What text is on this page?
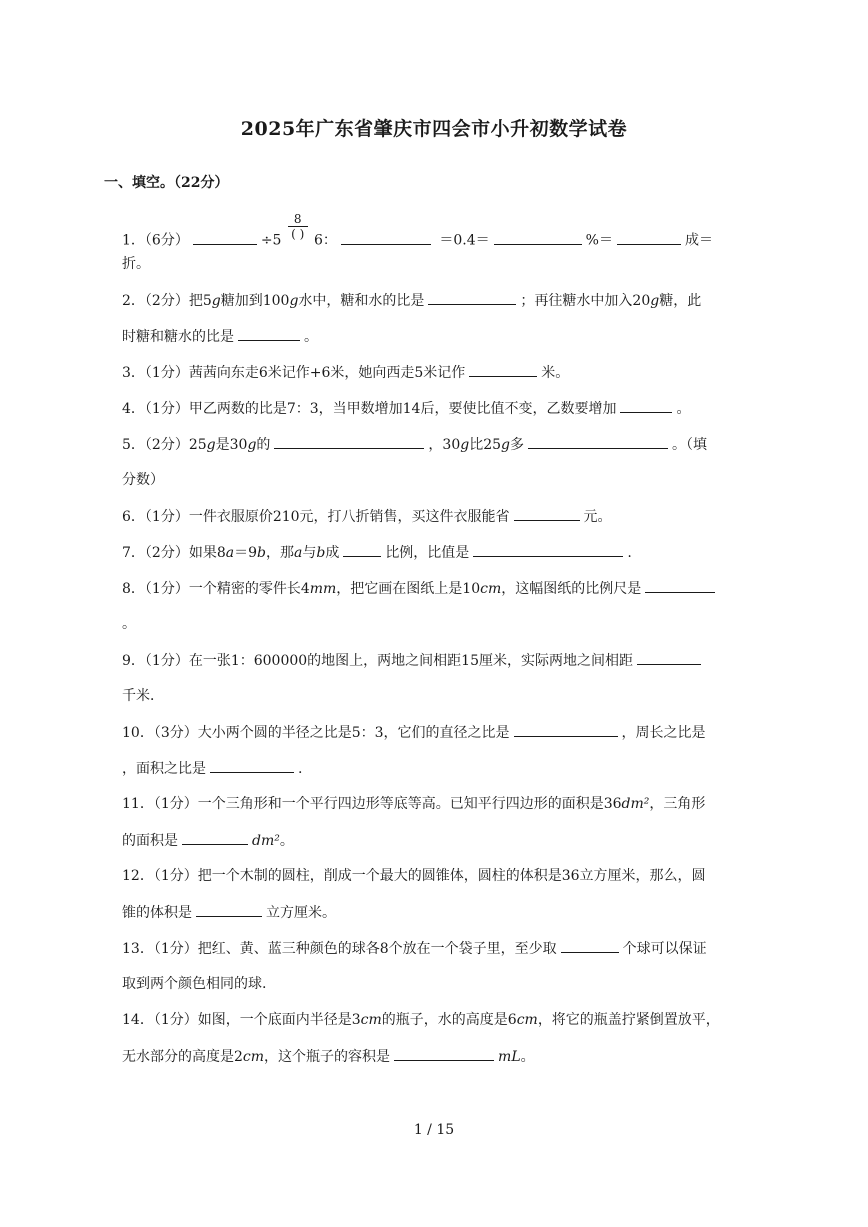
2025年广东省肇庆市四会市小升初数学试卷
一、填空。（22分）
1．（6分）	$\div 5 \frac{8}{( )} 6$：	＝0.4＝	%＝	成＝
折。
2．（2分）把5g糖加到100g水中，糖和水的比是	；再往糖水中加入20g糖，此
时糖和糖水的比是	。
3．（1分）茜茜向东走6米记作+6米，她向西走5米记作	米。
4．（1分）甲乙两数的比是7：3，当甲数增加14后，要使比值不变，乙数要增加	。
5．（2分）25g是30g的	，30g比25g多	。（填
分数）
6．（1分）一件衣服原价210元，打八折销售，买这件衣服能省	元。
7．（2分）如果8a＝9b，那a与b成	比例，比值是	.
8．（1分）一个精密的零件长4mm，把它画在图纸上是10cm，这幅图纸的比例尺是
。
9．（1分）在一张1：600000的地图上，两地之间相距15厘米，实际两地之间相距
千米．
10．（3分）大小两个圆的半径之比是5：3，它们的直径之比是	，周长之比是
，面积之比是	.
11．（1分）一个三角形和一个平行四边形等底等高。已知平行四边形的面积是36dm²，三角形
的面积是	dm²。
12．（1分）把一个木制的圆柱，削成一个最大的圆锥体，圆柱的体积是36立方厘米，那么，圆
锥的体积是	立方厘米。
13．（1分）把红、黄、蓝三种颜色的球各8个放在一个袋子里，至少取	个球可以保证
取到两个颜色相同的球.
14．（1分）如图，一个底面内半径是3cm的瓶子，水的高度是6cm，将它的瓶盖拧紧倒置放平，
无水部分的高度是2cm，这个瓶子的容积是	mL。
1 / 15
